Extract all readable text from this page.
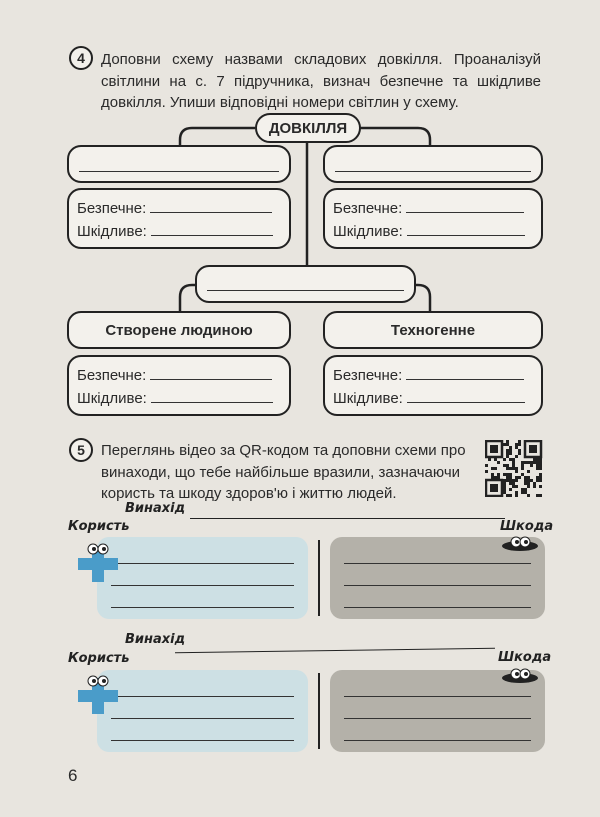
4	Доповни схему назвами складових довкілля. Проаналізуй світлини на с. 7 підручника, визнач безпечне та шкідливе довкілля. Упиши відповідні номери світлин у схему.
ДОВКІЛЛЯ
Безпечне:
Шкідливе:
Безпечне:
Шкідливе:
Створене людиною	Техногенне
Безпечне:
Шкідливе:
Безпечне:
Шкідливе:
5	Переглянь відео за QR-кодом та доповни схеми про винаходи, що тебе найбільше вразили, зазначаючи користь та шкоду здоров'ю і життю людей.
Винахід
Користь	Шкода
Винахід
Користь	Шкода
6
